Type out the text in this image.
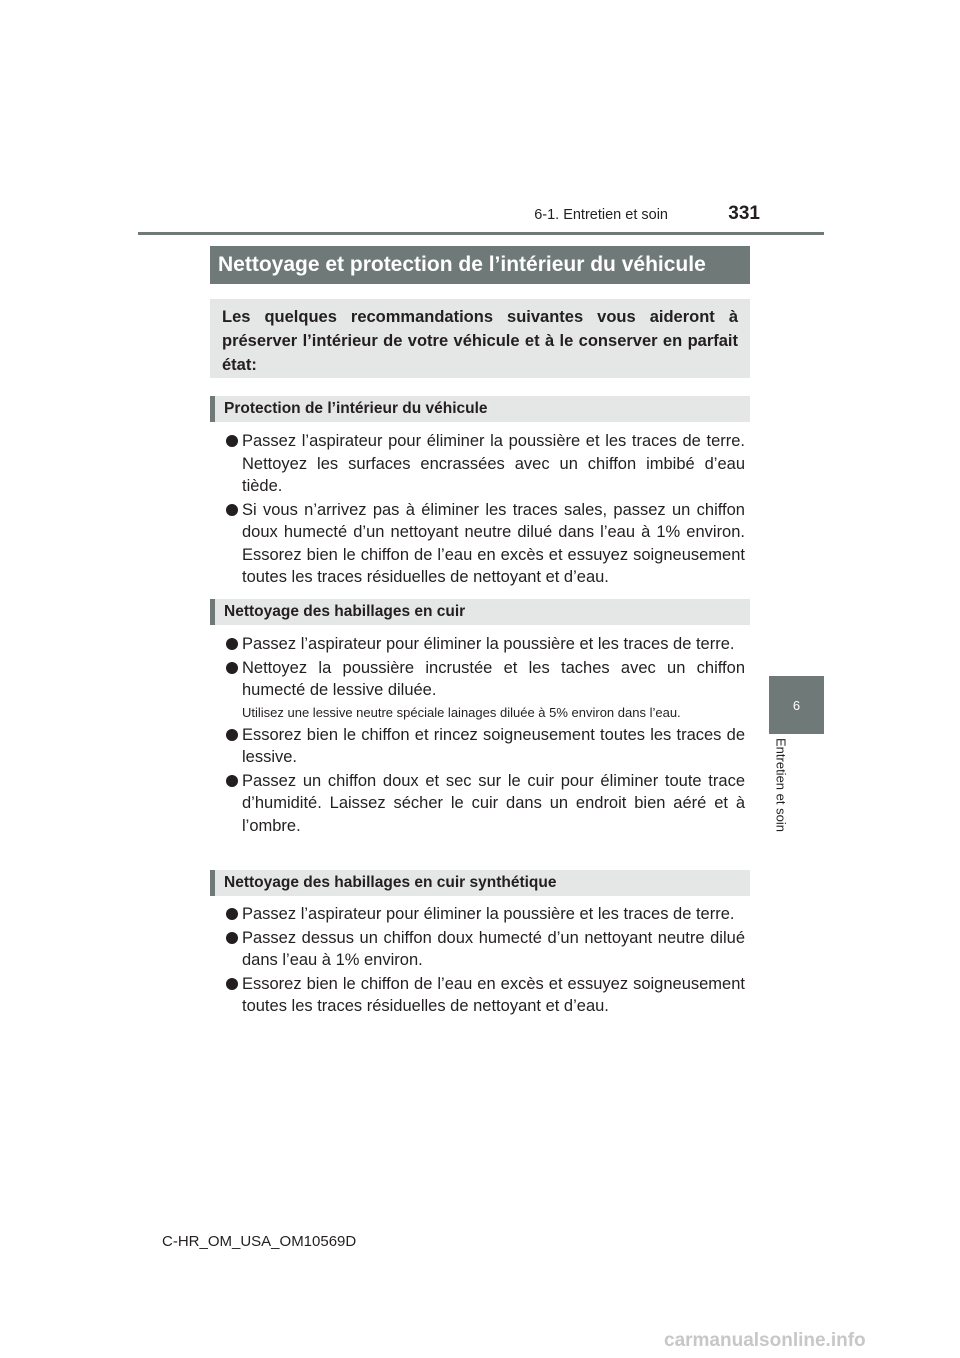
6-1. Entretien et soin	331
6
Entretien et soin
Nettoyage et protection de l’intérieur du véhicule
Les quelques recommandations suivantes vous aideront à préserver l’intérieur de votre véhicule et à le conserver en parfait état:
Protection de l’intérieur du véhicule
Passez l’aspirateur pour éliminer la poussière et les traces de terre. Nettoyez les surfaces encrassées avec un chiffon imbibé d’eau tiède.
Si vous n’arrivez pas à éliminer les traces sales, passez un chiffon doux humecté d’un nettoyant neutre dilué dans l’eau à 1% environ. Essorez bien le chiffon de l’eau en excès et essuyez soigneusement toutes les traces résiduelles de nettoyant et d’eau.
Nettoyage des habillages en cuir
Passez l’aspirateur pour éliminer la poussière et les traces de terre.
Nettoyez la poussière incrustée et les taches avec un chiffon humecté de lessive diluée.
Utilisez une lessive neutre spéciale lainages diluée à 5% environ dans l’eau.
Essorez bien le chiffon et rincez soigneusement toutes les traces de lessive.
Passez un chiffon doux et sec sur le cuir pour éliminer toute trace d’humidité. Laissez sécher le cuir dans un endroit bien aéré et à l’ombre.
Nettoyage des habillages en cuir synthétique
Passez l’aspirateur pour éliminer la poussière et les traces de terre.
Passez dessus un chiffon doux humecté d’un nettoyant neutre dilué dans l’eau à 1% environ.
Essorez bien le chiffon de l’eau en excès et essuyez soigneusement toutes les traces résiduelles de nettoyant et d’eau.
C-HR_OM_USA_OM10569D
carmanualsonline.info
